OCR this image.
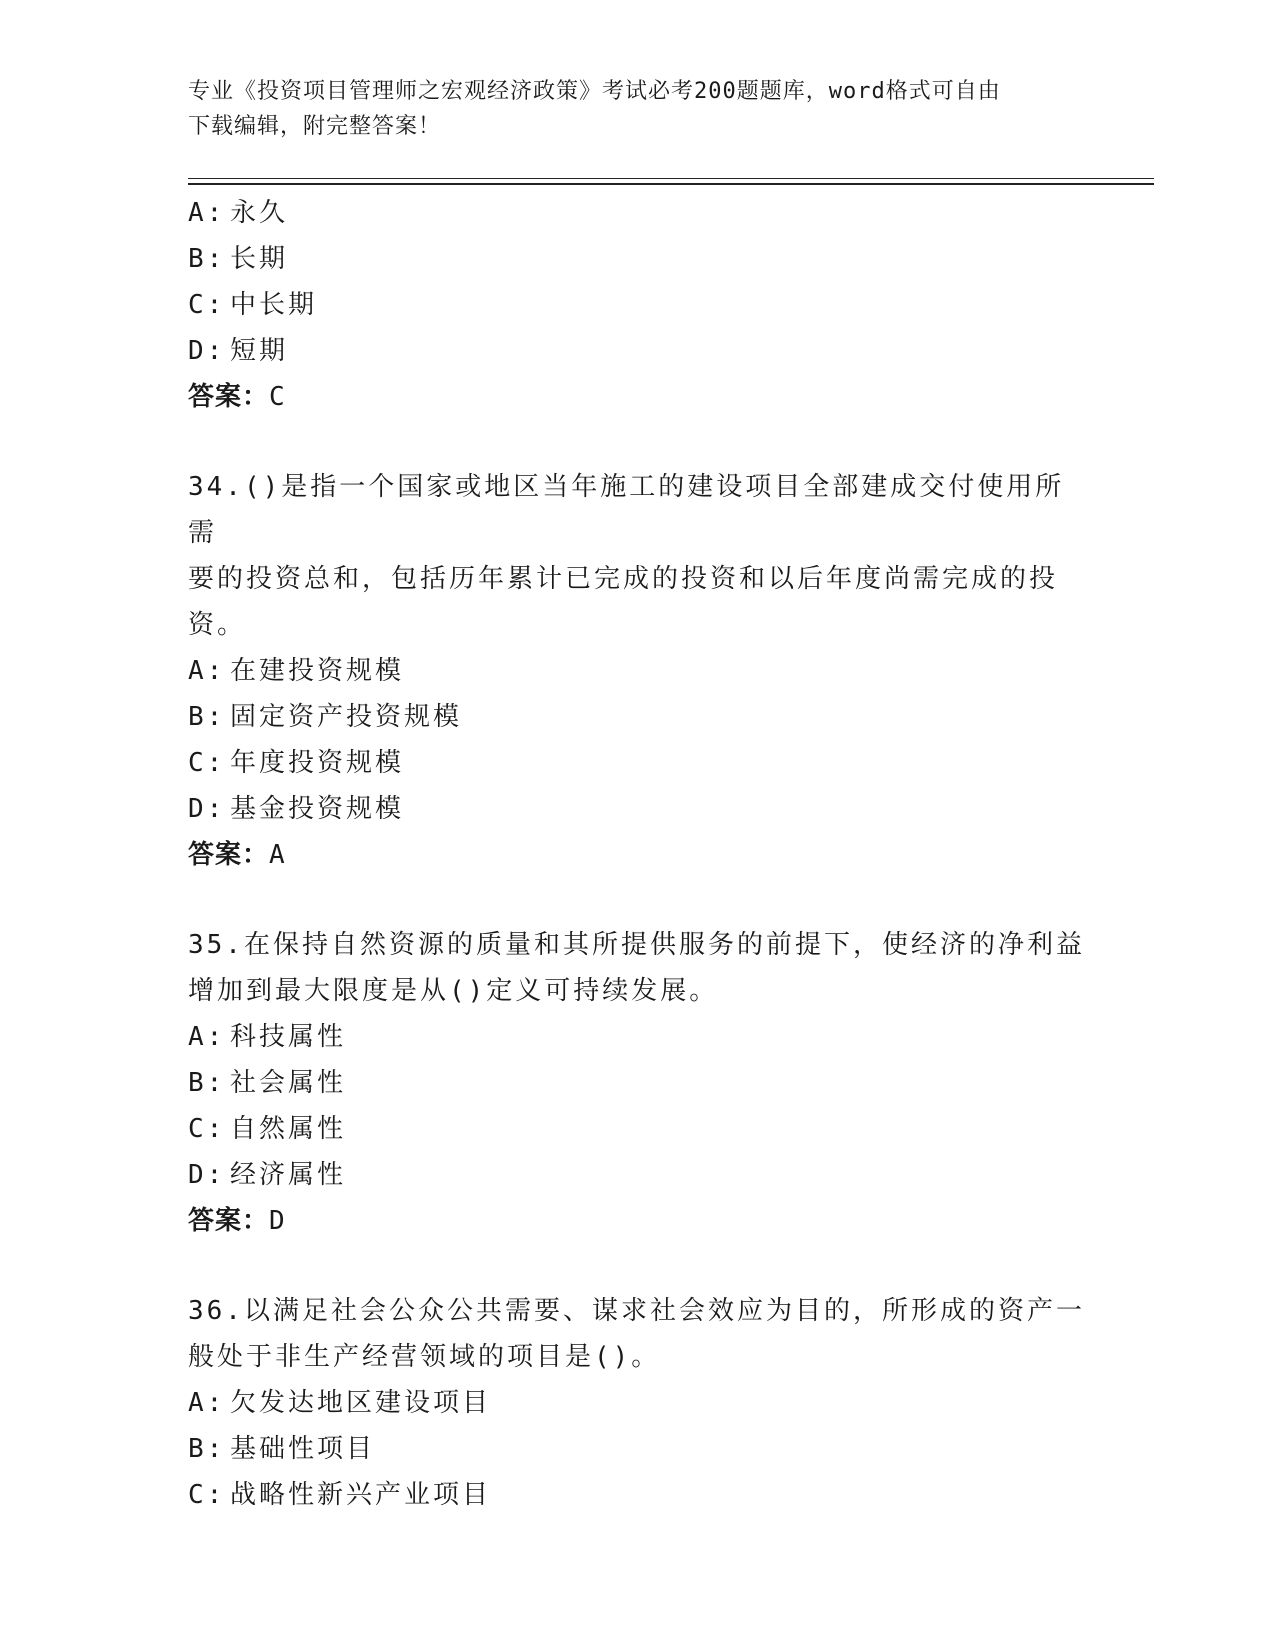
专业《投资项目管理师之宏观经济政策》考试必考200题题库，word格式可自由
下载编辑，附完整答案！
A: 永久
B: 长期
C: 中长期
D: 短期
答案：C
34.()是指一个国家或地区当年施工的建设项目全部建成交付使用所需
要的投资总和，包括历年累计已完成的投资和以后年度尚需完成的投
资。
A: 在建投资规模
B: 固定资产投资规模
C: 年度投资规模
D: 基金投资规模
答案：A
35.在保持自然资源的质量和其所提供服务的前提下，使经济的净利益
增加到最大限度是从()定义可持续发展。
A: 科技属性
B: 社会属性
C: 自然属性
D: 经济属性
答案：D
36.以满足社会公众公共需要、谋求社会效应为目的，所形成的资产一
般处于非生产经营领域的项目是()。
A: 欠发达地区建设项目
B: 基础性项目
C: 战略性新兴产业项目
